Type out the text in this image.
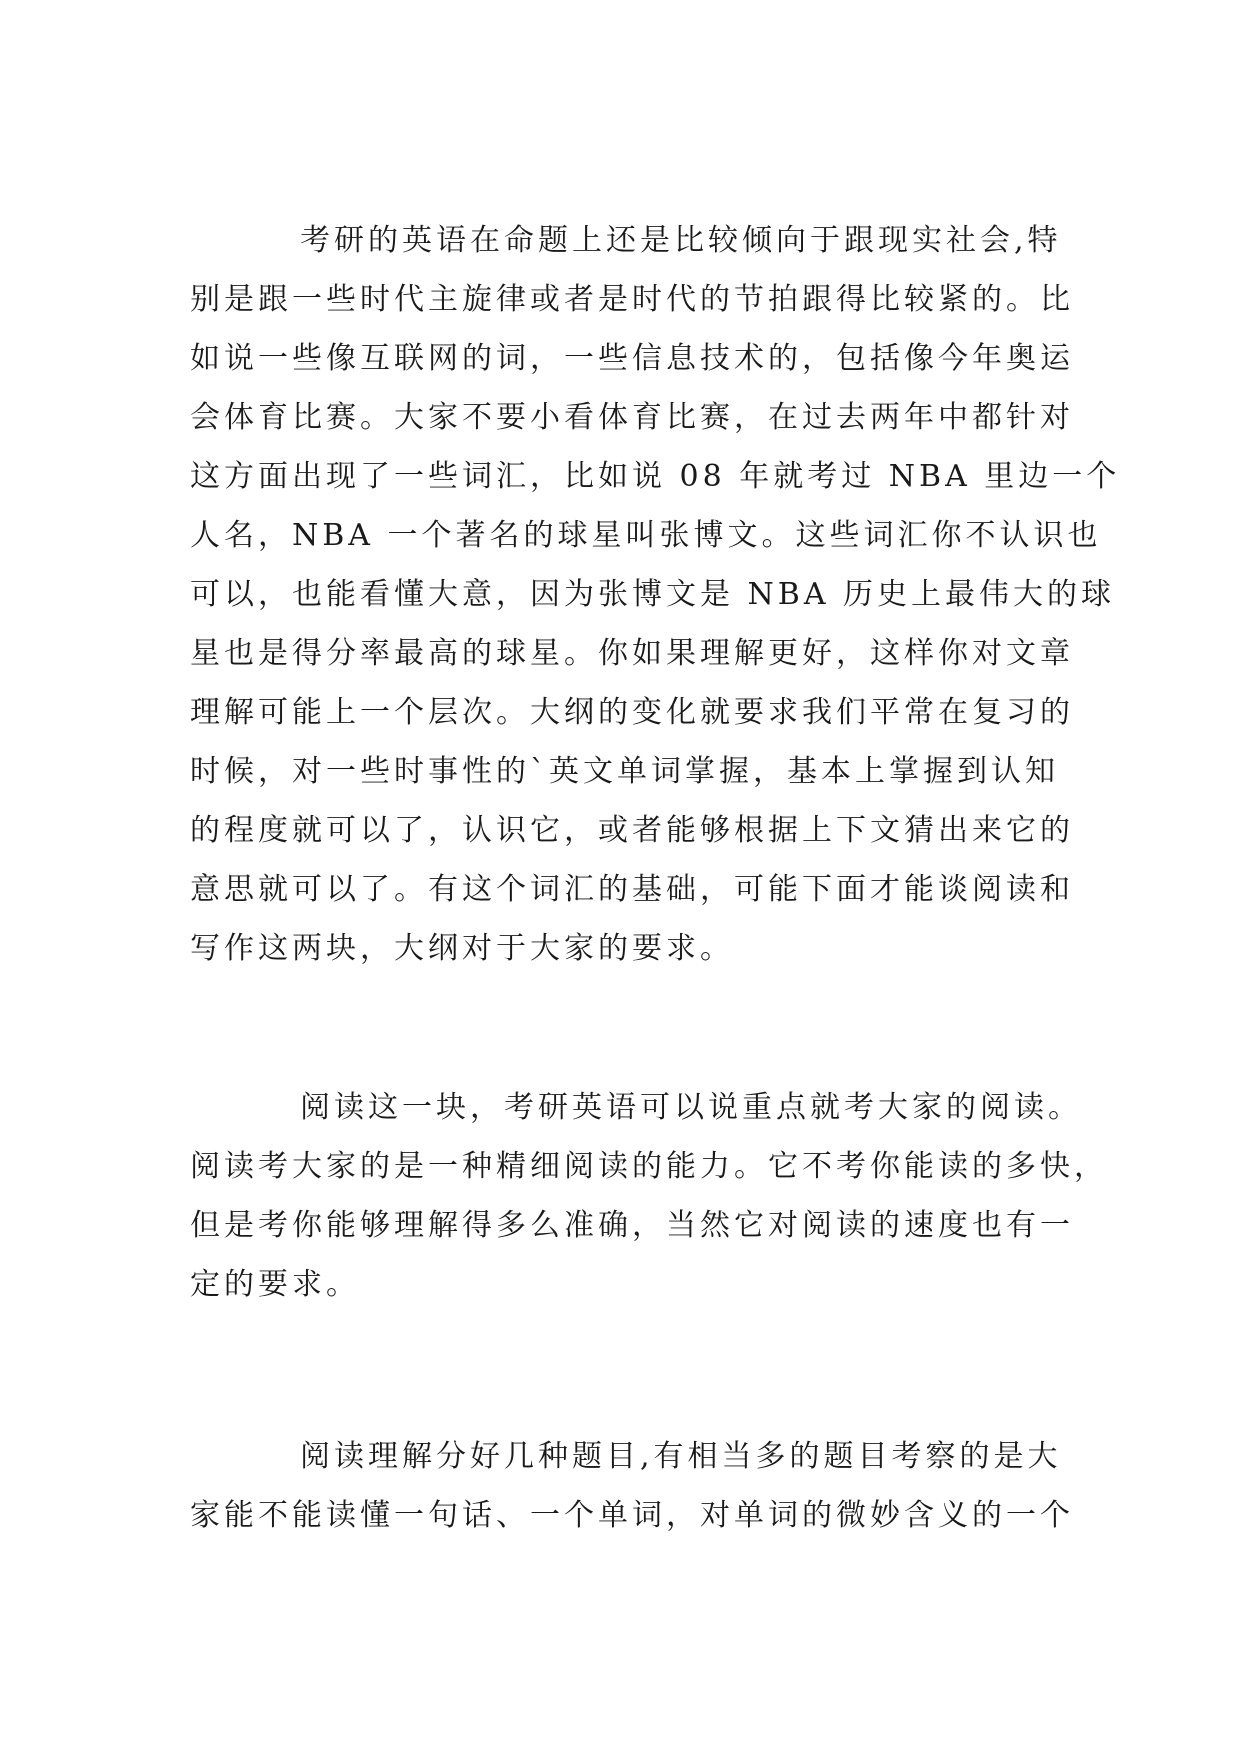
考研的英语在命题上还是比较倾向于跟现实社会,特
别是跟一些时代主旋律或者是时代的节拍跟得比较紧的。比
如说一些像互联网的词，一些信息技术的，包括像今年奥运
会体育比赛。大家不要小看体育比赛，在过去两年中都针对
这方面出现了一些词汇，比如说 08 年就考过 NBA 里边一个
人名，NBA 一个著名的球星叫张博文。这些词汇你不认识也
可以，也能看懂大意，因为张博文是 NBA 历史上最伟大的球
星也是得分率最高的球星。你如果理解更好，这样你对文章
理解可能上一个层次。大纲的变化就要求我们平常在复习的
时候，对一些时事性的`英文单词掌握，基本上掌握到认知
的程度就可以了，认识它，或者能够根据上下文猜出来它的
意思就可以了。有这个词汇的基础，可能下面才能谈阅读和
写作这两块，大纲对于大家的要求。

阅读这一块，考研英语可以说重点就考大家的阅读。
阅读考大家的是一种精细阅读的能力。它不考你能读的多快，
但是考你能够理解得多么准确，当然它对阅读的速度也有一
定的要求。

阅读理解分好几种题目,有相当多的题目考察的是大
家能不能读懂一句话、一个单词，对单词的微妙含义的一个
